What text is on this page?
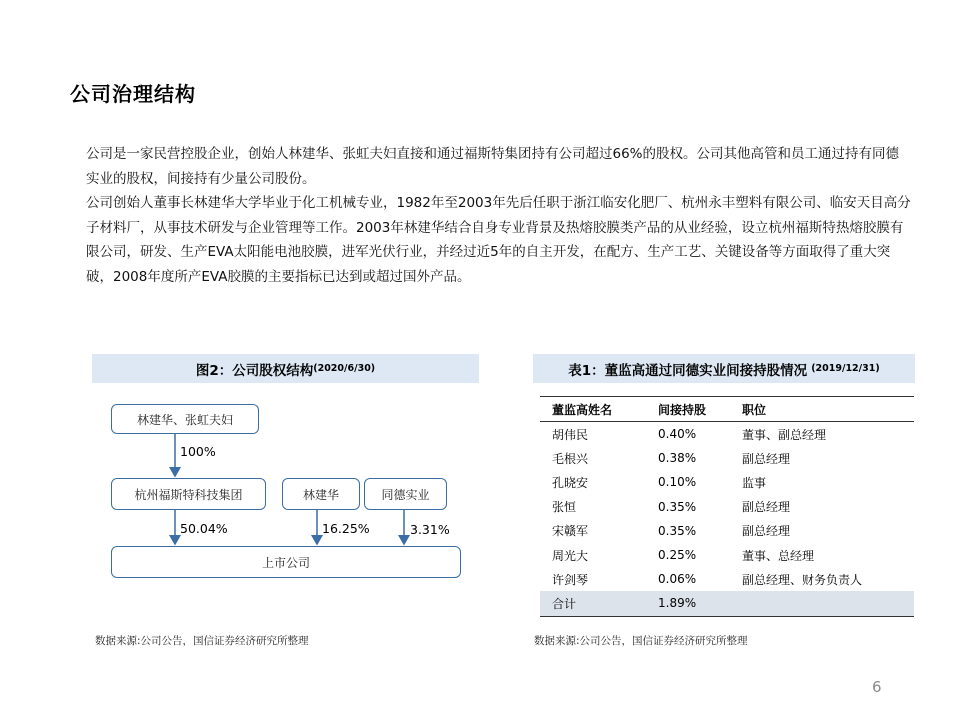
公司治理结构

公司是一家民营控股企业，创始人林建华、张虹夫妇直接和通过福斯特集团持有公司超过66%的股权。公司其他高管和员工通过持有同德实业的股权，间接持有少量公司股份。

公司创始人董事长林建华大学毕业于化工机械专业，1982年至2003年先后任职于浙江临安化肥厂、杭州永丰塑料有限公司、临安天目高分子材料厂，从事技术研发与企业管理等工作。2003年林建华结合自身专业背景及热熔胶膜类产品的从业经验，设立杭州福斯特热熔胶膜有限公司，研发、生产EVA太阳能电池胶膜，进军光伏行业，并经过近5年的自主开发，在配方、生产工艺、关键设备等方面取得了重大突破，2008年度所产EVA胶膜的主要指标已达到或超过国外产品。

图2：公司股权结构 (2020/6/30)
林建华、张虹夫妇
100%
杭州福斯特科技集团	林建华	同德实业
50.04%	16.25%	3.31%
上市公司
数据来源:公司公告，国信证券经济研究所整理
表1：董监高通过同德实业间接持股情况 (2019/12/31)
董监高姓名	间接持股	职位
胡伟民	0.40%	董事、副总经理
毛根兴	0.38%	副总经理
孔晓安	0.10%	监事
张恒	0.35%	副总经理
宋赣军	0.35%	副总经理
周光大	0.25%	董事、总经理
许剑琴	0.06%	副总经理、财务负责人
合计	1.89%
数据来源:公司公告，国信证券经济研究所整理
6
